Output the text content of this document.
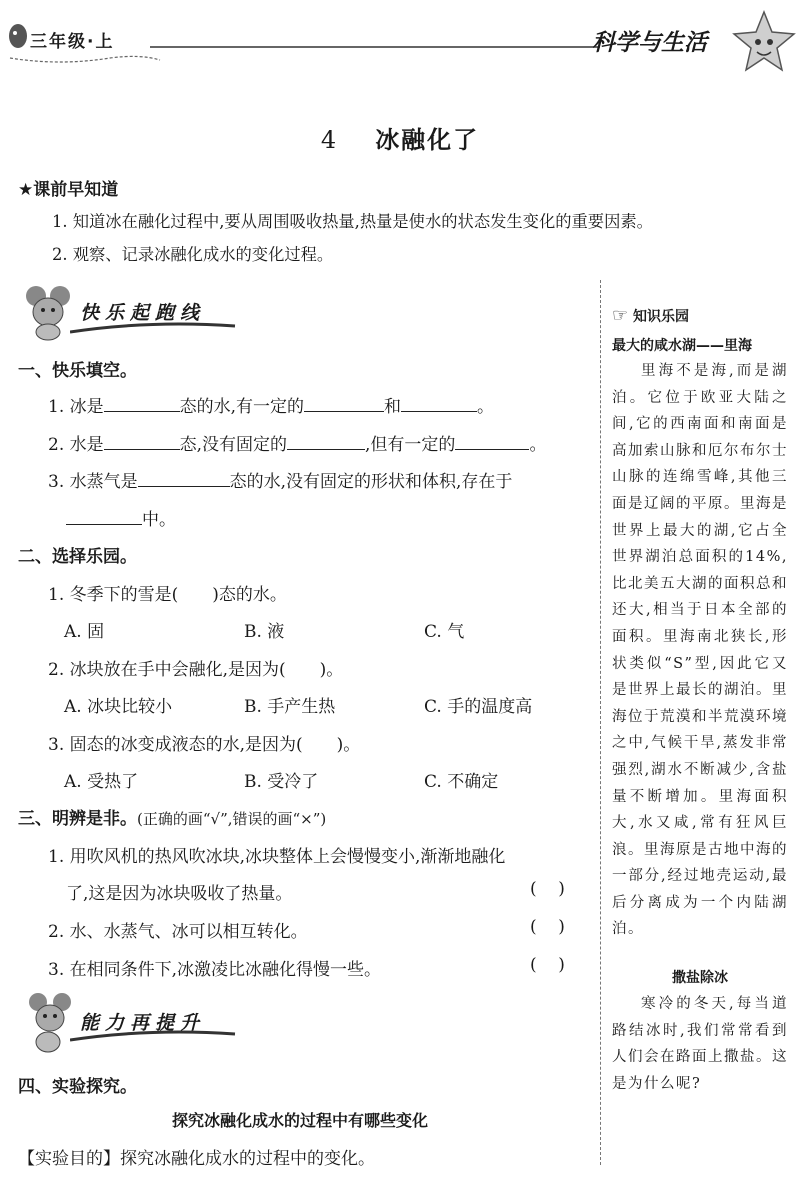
三年级·上	科学与生活
4 冰融化了
★课前早知道
1. 知道冰在融化过程中,要从周围吸收热量,热量是使水的状态发生变化的重要因素。
2. 观察、记录冰融化成水的变化过程。
快乐起跑线
一、快乐填空。
1. 冰是	态的水,有一定的	和	。
2. 水是	态,没有固定的	,但有一定的	。
3. 水蒸气是	态的水,没有固定的形状和体积,存在于
中。
二、选择乐园。
1. 冬季下的雪是( )态的水。
A. 固	B. 液	C. 气
2. 冰块放在手中会融化,是因为( )。
A. 冰块比较小	B. 手产生热	C. 手的温度高
3. 固态的冰变成液态的水,是因为( )。
A. 受热了	B. 受冷了	C. 不确定
三、明辨是非。(正确的画“√”,错误的画“×”)
1. 用吹风机的热风吹冰块,冰块整体上会慢慢变小,渐渐地融化
了,这是因为冰块吸收了热量。	(    )
2. 水、水蒸气、冰可以相互转化。	(    )
3. 在相同条件下,冰激凌比冰融化得慢一些。	(    )
能力再提升
四、实验探究。
探究冰融化成水的过程中有哪些变化
【实验目的】探究冰融化成水的过程中的变化。
☞ 知识乐园
最大的咸水湖——里海

里海不是海,而是湖泊。它位于欧亚大陆之间,它的西南面和南面是高加索山脉和厄尔布尔士山脉的连绵雪峰,其他三面是辽阔的平原。里海是世界上最大的湖,它占全世界湖泊总面积的14%,比北美五大湖的面积总和还大,相当于日本全部的面积。里海南北狭长,形状类似“S”型,因此它又是世界上最长的湖泊。里海位于荒漠和半荒漠环境之中,气候干旱,蒸发非常强烈,湖水不断减少,含盐量不断增加。里海面积大,水又咸,常有狂风巨浪。里海原是古地中海的一部分,经过地壳运动,最后分离成为一个内陆湖泊。

撒盐除冰

寒冷的冬天,每当道路结冰时,我们常常看到人们会在路面上撒盐。这是为什么呢?
